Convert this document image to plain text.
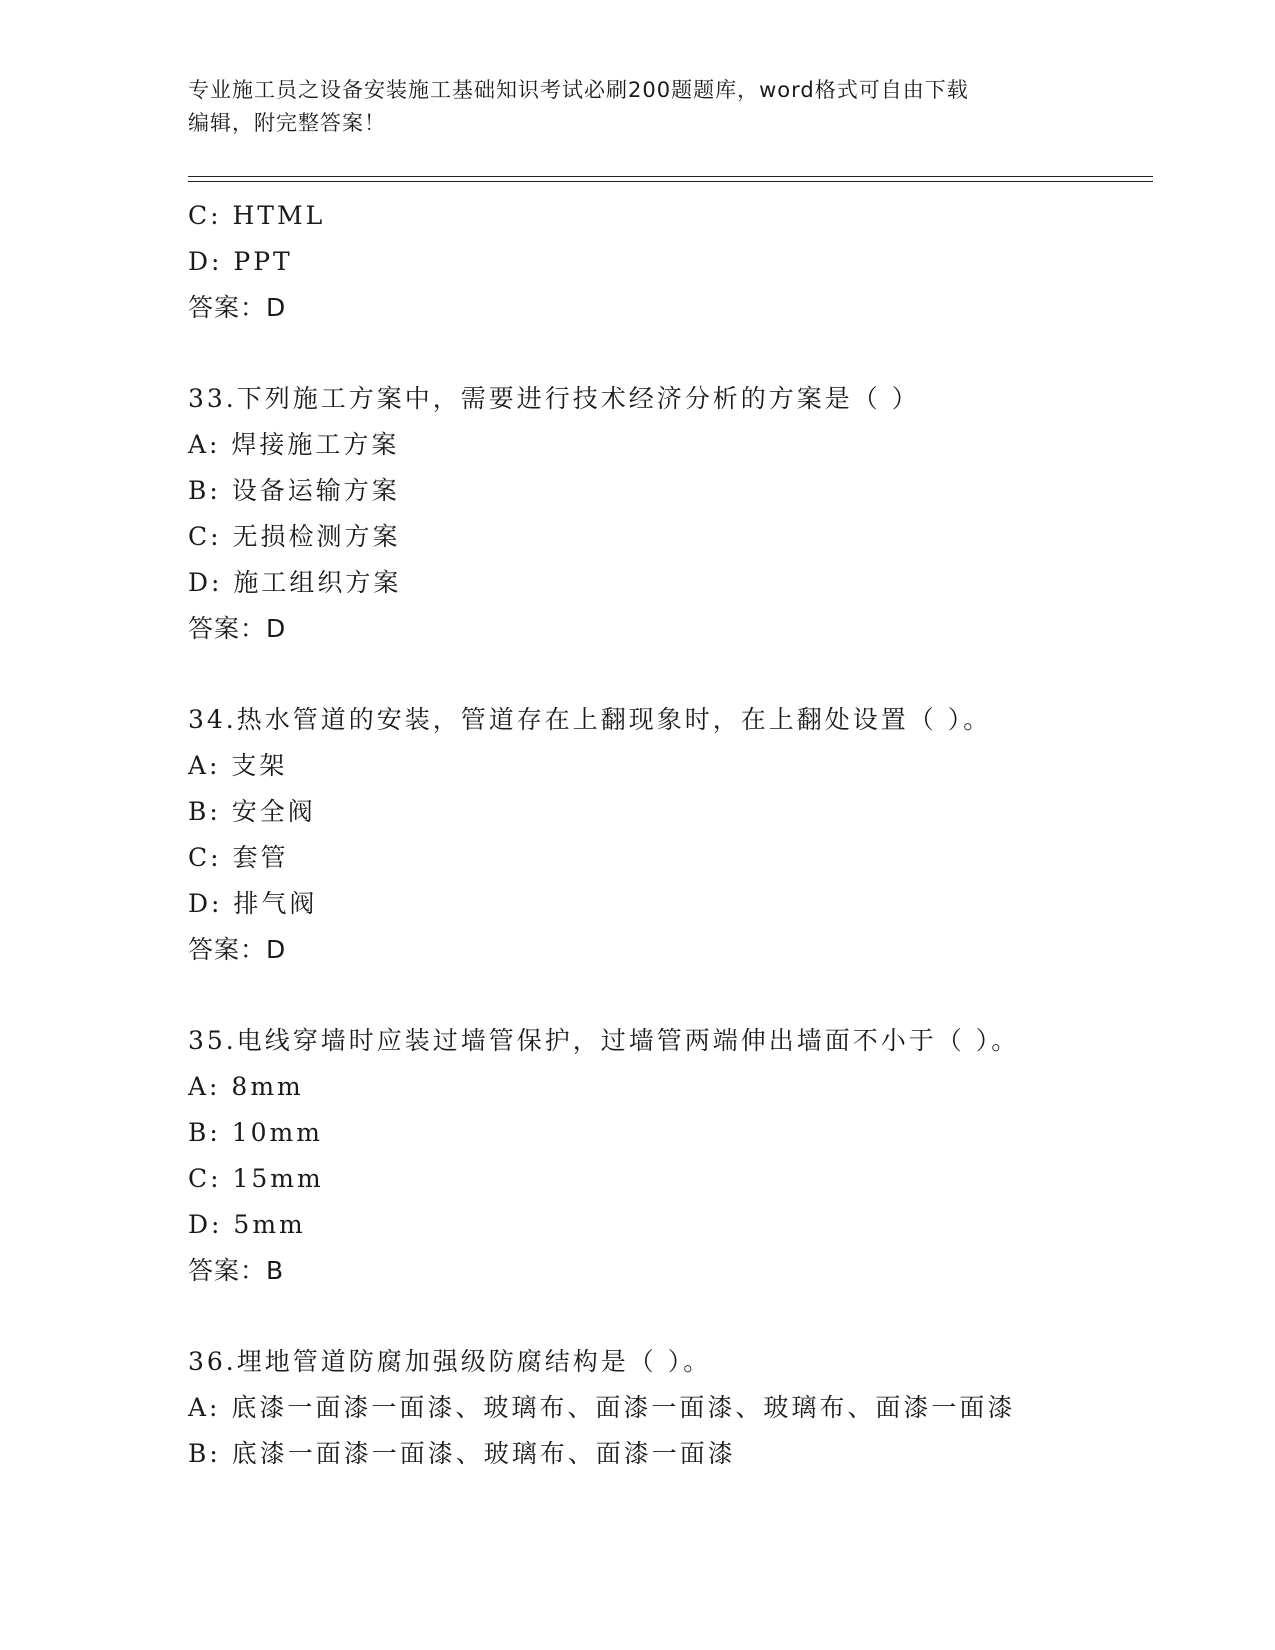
专业施工员之设备安装施工基础知识考试必刷200题题库，word格式可自由下载
编辑，附完整答案！
C: HTML
D: PPT
答案：D
33.下列施工方案中，需要进行技术经济分析的方案是（ ）
A: 焊接施工方案
B: 设备运输方案
C: 无损检测方案
D: 施工组织方案
答案：D
34.热水管道的安装，管道存在上翻现象时，在上翻处设置（ ）。
A: 支架
B: 安全阀
C: 套管
D: 排气阀
答案：D
35.电线穿墙时应装过墙管保护，过墙管两端伸出墙面不小于（ ）。
A: 8mm
B: 10mm
C: 15mm
D: 5mm
答案：B
36.埋地管道防腐加强级防腐结构是（ ）。
A: 底漆一面漆一面漆、玻璃布、面漆一面漆、玻璃布、面漆一面漆
B: 底漆一面漆一面漆、玻璃布、面漆一面漆
